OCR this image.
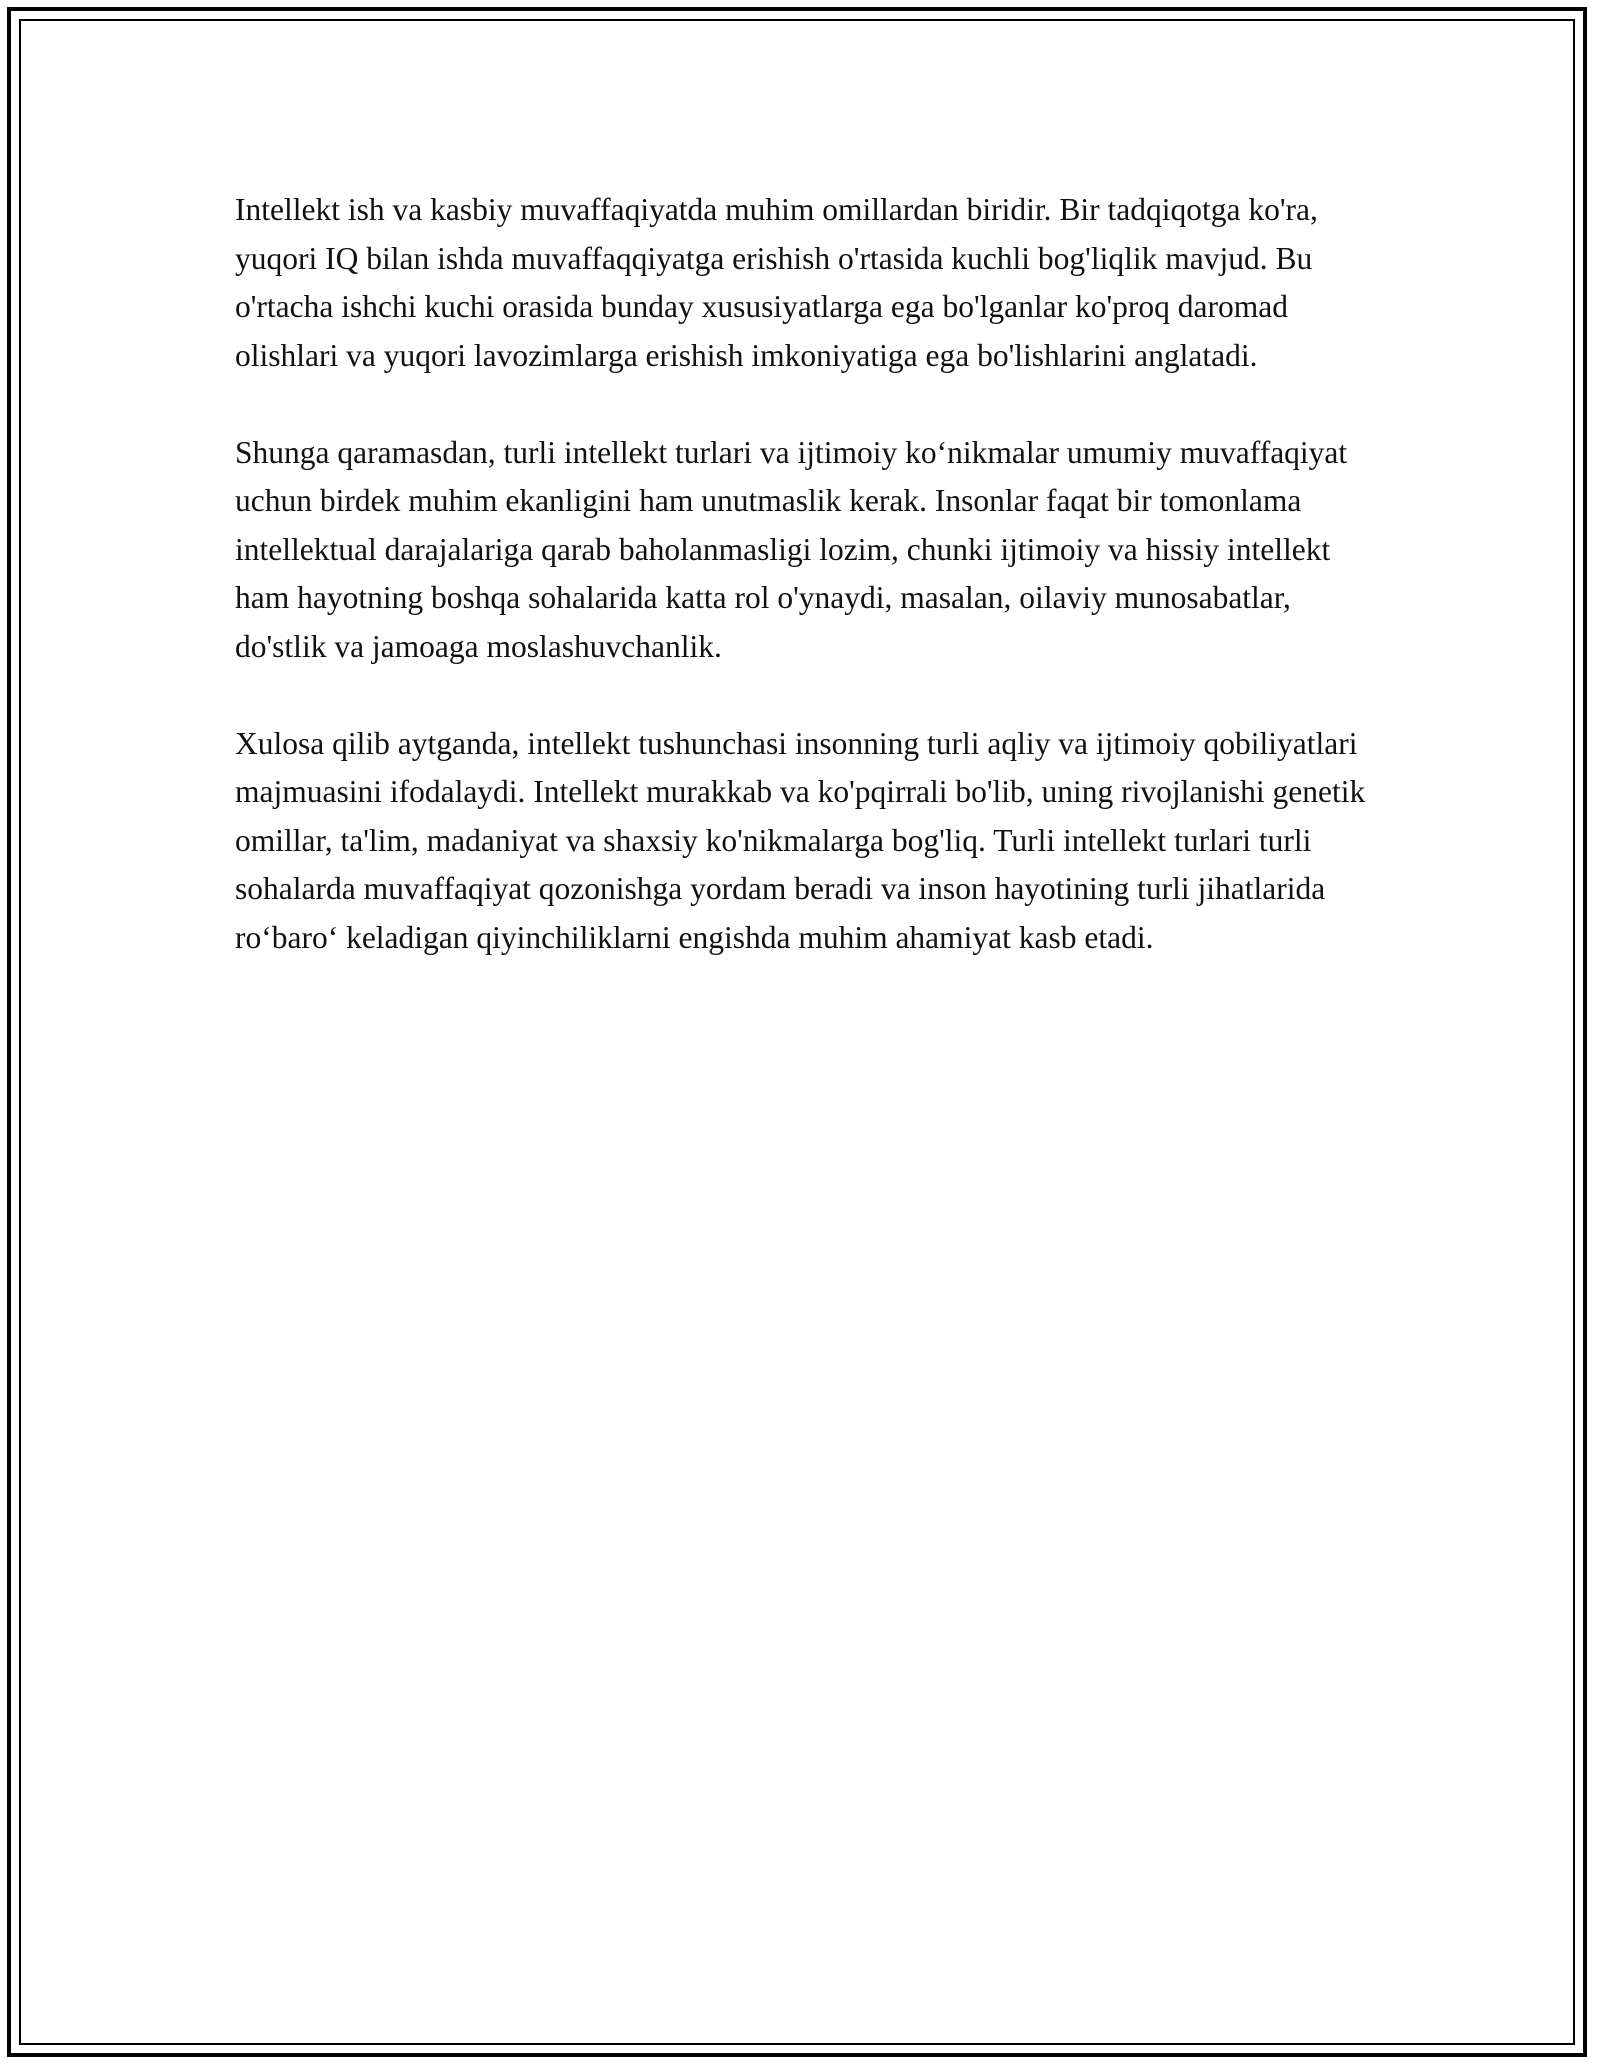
Intellekt ish va kasbiy muvaffaqiyatda muhim omillardan biridir. Bir tadqiqotga ko'ra, yuqori IQ bilan ishda muvaffaqqiyatga erishish o'rtasida kuchli bog'liqlik mavjud. Bu o'rtacha ishchi kuchi orasida bunday xususiyatlarga ega bo'lganlar ko'proq daromad olishlari va yuqori lavozimlarga erishish imkoniyatiga ega bo'lishlarini anglatadi.

Shunga qaramasdan, turli intellekt turlari va ijtimoiy ko‘nikmalar umumiy muvaffaqiyat uchun birdek muhim ekanligini ham unutmaslik kerak. Insonlar faqat bir tomonlama intellektual darajalariga qarab baholanmasligi lozim, chunki ijtimoiy va hissiy intellekt ham hayotning boshqa sohalarida katta rol o'ynaydi, masalan, oilaviy munosabatlar, do'stlik va jamoaga moslashuvchanlik.

Xulosa qilib aytganda, intellekt tushunchasi insonning turli aqliy va ijtimoiy qobiliyatlari majmuasini ifodalaydi. Intellekt murakkab va ko'pqirrali bo'lib, uning rivojlanishi genetik omillar, ta'lim, madaniyat va shaxsiy ko'nikmalarga bog'liq. Turli intellekt turlari turli sohalarda muvaffaqiyat qozonishga yordam beradi va inson hayotining turli jihatlarida ro‘baro‘ keladigan qiyinchiliklarni engishda muhim ahamiyat kasb etadi.
